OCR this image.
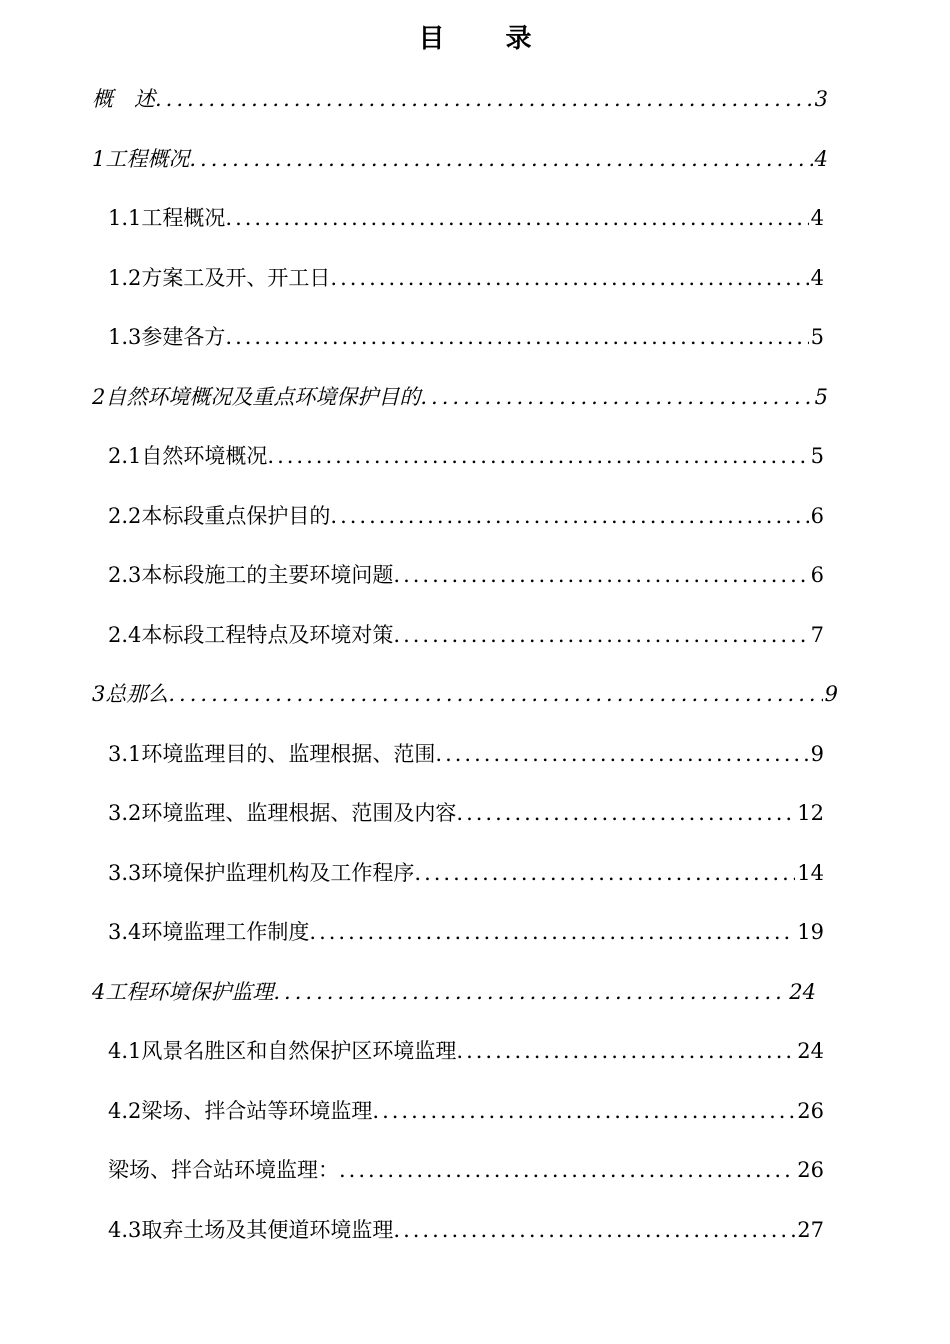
目 录
概　述 .....	3
1工程概况 .....	4
1.1工程概况 .....	4
1.2方案工及开、开工日 .....	4
1.3参建各方 .....	5
2自然环境概况及重点环境保护目的 .....	5
2.1自然环境概况 .....	5
2.2本标段重点保护目的 .....	6
2.3本标段施工的主要环境问题 .....	6
2.4本标段工程特点及环境对策 .....	7
3总那么 .....	9
3.1环境监理目的、监理根据、范围 .....	9
3.2环境监理、监理根据、范围及内容 .....	12
3.3环境保护监理机构及工作程序 .....	14
3.4环境监理工作制度 .....	19
4工程环境保护监理 .....	24
4.1风景名胜区和自然保护区环境监理 .....	24
4.2梁场、拌合站等环境监理 .....	26
梁场、拌合站环境监理： .....	26
4.3取弃土场及其便道环境监理 .....	27
